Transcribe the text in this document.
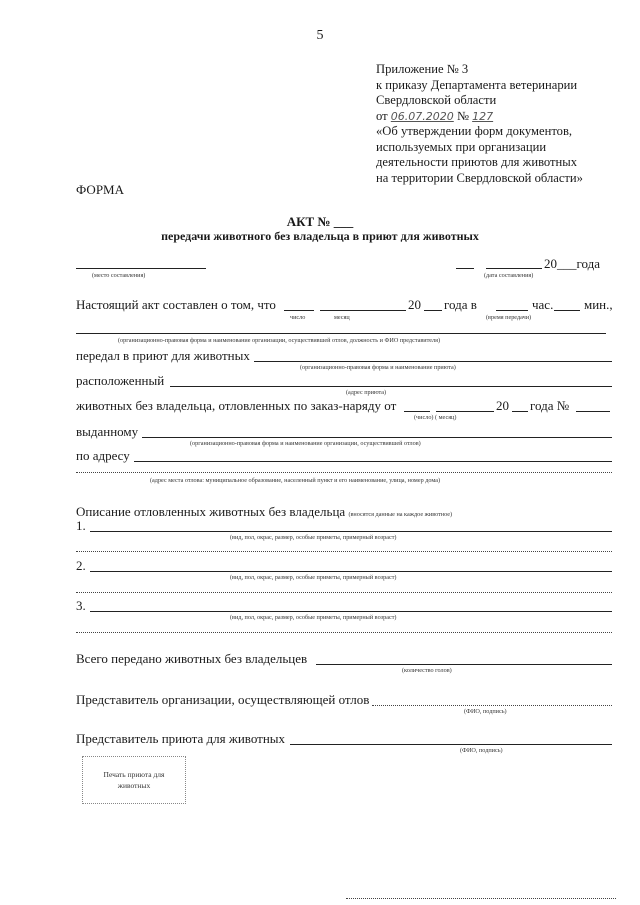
5
Приложение № 3
к приказу Департамента ветеринарии
Свердловской области
от 06.07.2020 № 127
«Об утверждении форм документов,
используемых при организации
деятельности приютов для животных
на территории Свердловской области»
ФОРМА
АКТ № ___
передачи животного без владельца в приют для животных
(место составления)
20___года
(дата составления)
Настоящий акт составлен о том, что	20 года в	час. мин.,
число	месяц	(время передачи)
(организационно-правовая форма и наименование организации, осуществившей отлов, должность и ФИО представителя)
передал в приют для животных
(организационно-правовая форма и наименование приюта)
расположенный
(адрес приюта)
животных без владельца, отловленных по заказ-наряду от	20 года №
(число) ( месяц)
выданному
(организационно-правовая форма и наименование организации, осуществившей отлов)
по адресу
(адрес места отлова: муниципальное образование, населенный пункт и его наименование, улица, номер дома)
Описание отловленных животных без владельца (вносятся данные на каждое животное)
1.
(вид, пол, окрас, размер, особые приметы, примерный возраст)
2.
(вид, пол, окрас, размер, особые приметы, примерный возраст)
3.
(вид, пол, окрас, размер, особые приметы, примерный возраст)
Всего передано животных без владельцев
(количество голов)
Представитель организации, осуществляющей отлов
(ФИО, подпись)
Представитель приюта для животных
(ФИО, подпись)
Печать приюта для животных
